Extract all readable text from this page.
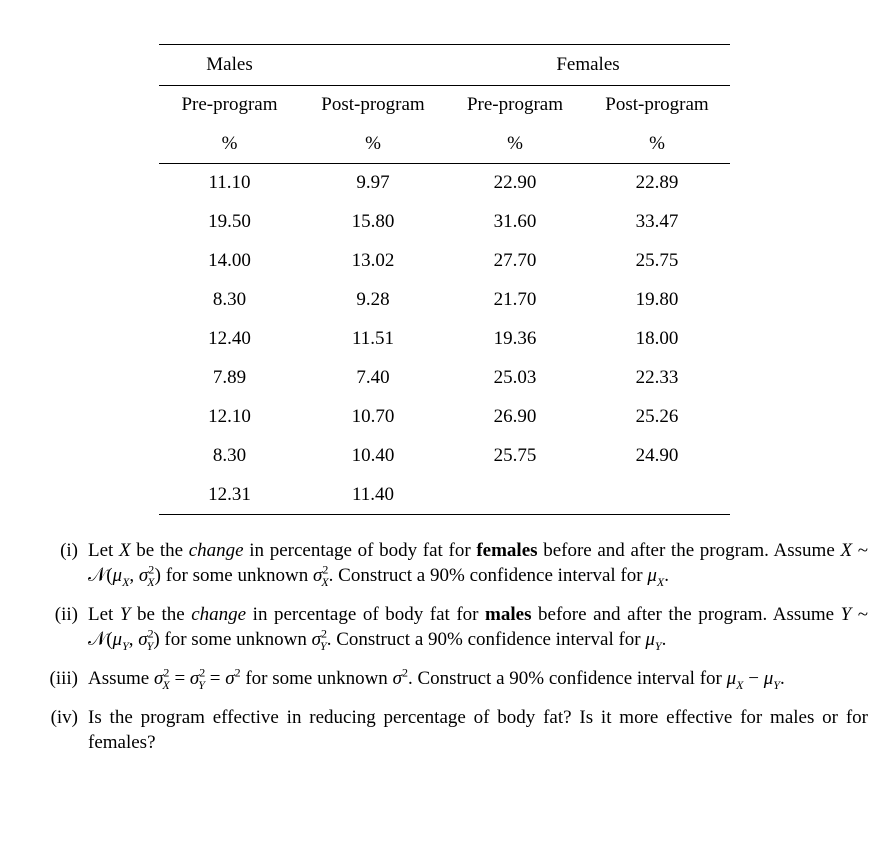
Males		Females	
Pre-program	Post-program	Pre-program	Post-program
%	%	%	%
11.10	9.97	22.90	22.89
19.50	15.80	31.60	33.47
14.00	13.02	27.70	25.75
8.30	9.28	21.70	19.80
12.40	11.51	19.36	18.00
7.89	7.40	25.03	22.33
12.10	10.70	26.90	25.26
8.30	10.40	25.75	24.90
12.31	11.40		
(i) Let X be the change in percentage of body fat for females before and after the program. Assume X ~ $𝒩(\mu_X$, $\sigma^2_X$) for some unknown $\sigma^2_X$. Construct a 90% confidence interval for $\mu_X$.
(ii) Let Y be the change in percentage of body fat for males before and after the program. Assume Y ~ $𝒩(\mu_Y$, $\sigma^2_Y$) for some unknown $\sigma^2_Y$. Construct a 90% confidence interval for $\mu_Y$.
(iii) Assume $\sigma^2_X = \sigma^2_Y = \sigma^2$ for some unknown $\sigma^2$. Construct a 90% confidence interval for $\mu_X - \mu_Y$.
(iv) Is the program effective in reducing percentage of body fat? Is it more effective for males or for females?
